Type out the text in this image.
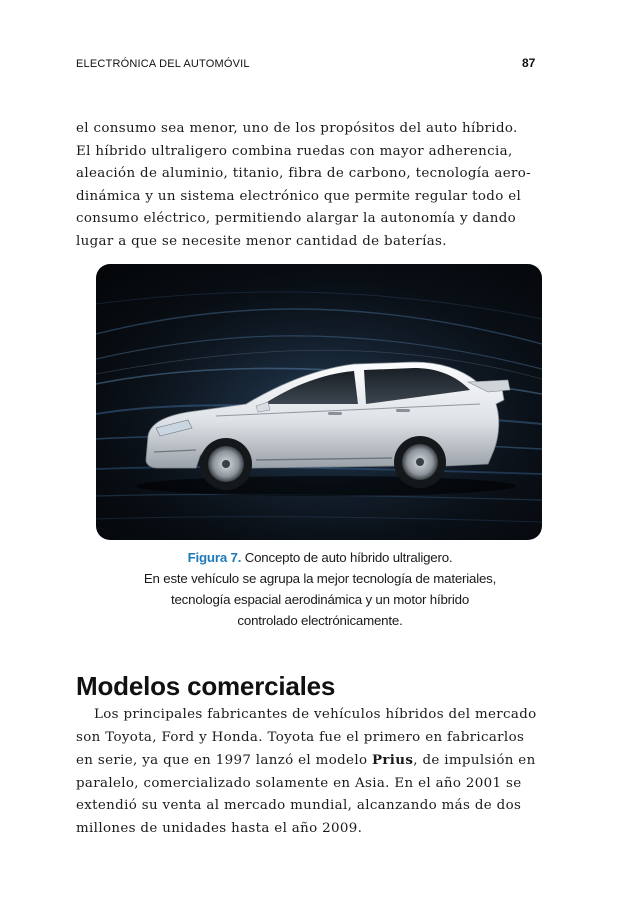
ELECTRÓNICA DEL AUTOMÓVIL	87
el consumo sea menor, uno de los propósitos del auto híbrido.
El híbrido ultraligero combina ruedas con mayor adherencia,
aleación de aluminio, titanio, fibra de carbono, tecnología aero-
dinámica y un sistema electrónico que permite regular todo el
consumo eléctrico, permitiendo alargar la autonomía y dando
lugar a que se necesite menor cantidad de baterías.
Figura 7. Concepto de auto híbrido ultraligero.
En este vehículo se agrupa la mejor tecnología de materiales,
tecnología espacial aerodinámica y un motor híbrido
controlado electrónicamente.
Modelos comerciales
Los principales fabricantes de vehículos híbridos del mercado
son Toyota, Ford y Honda. Toyota fue el primero en fabricarlos
en serie, ya que en 1997 lanzó el modelo Prius, de impulsión en
paralelo, comercializado solamente en Asia. En el año 2001 se
extendió su venta al mercado mundial, alcanzando más de dos
millones de unidades hasta el año 2009.
